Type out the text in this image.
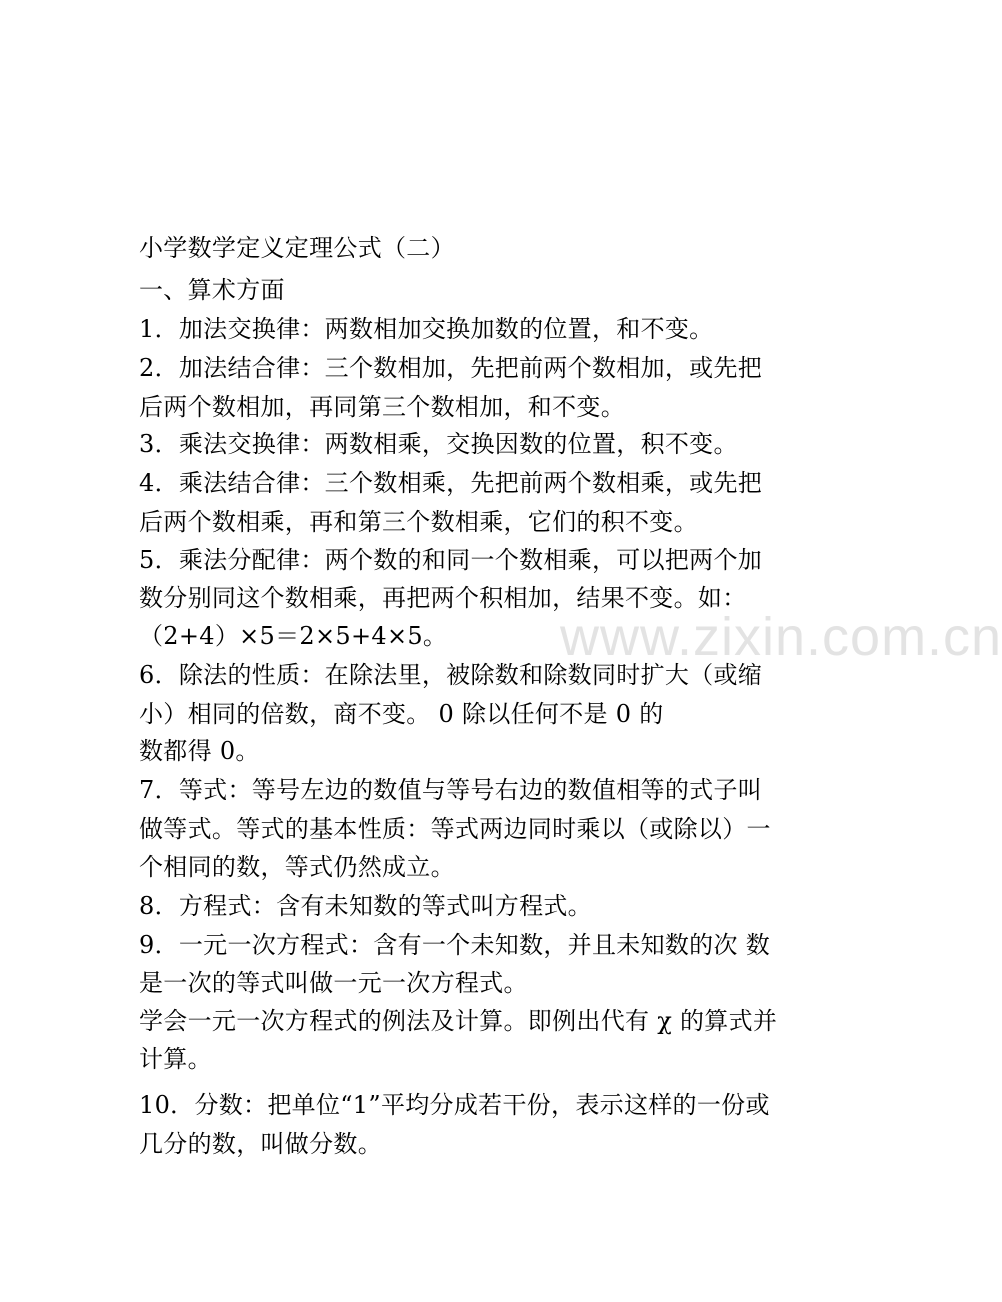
www.zixin.com.cn
小学数学定义定理公式（二）
一、算术方面
1．加法交换律：两数相加交换加数的位置，和不变。
2．加法结合律：三个数相加，先把前两个数相加，或先把
后两个数相加，再同第三个数相加，和不变。
3．乘法交换律：两数相乘，交换因数的位置，积不变。
4．乘法结合律：三个数相乘，先把前两个数相乘，或先把
后两个数相乘，再和第三个数相乘，它们的积不变。
5．乘法分配律：两个数的和同一个数相乘，可以把两个加
数分别同这个数相乘，再把两个积相加，结果不变。如：
（2+4）×5＝2×5+4×5。
6．除法的性质：在除法里，被除数和除数同时扩大（或缩
小）相同的倍数，商不变。 0 除以任何不是 0 的
数都得 0。
7．等式：等号左边的数值与等号右边的数值相等的式子叫
做等式。等式的基本性质：等式两边同时乘以（或除以）一
个相同的数，等式仍然成立。
8．方程式：含有未知数的等式叫方程式。
9．一元一次方程式：含有一个未知数，并且未知数的次 数
是一次的等式叫做一元一次方程式。
学会一元一次方程式的例法及计算。即例出代有 χ 的算式并
计算。
10．分数：把单位“1”平均分成若干份，表示这样的一份或
几分的数，叫做分数。
